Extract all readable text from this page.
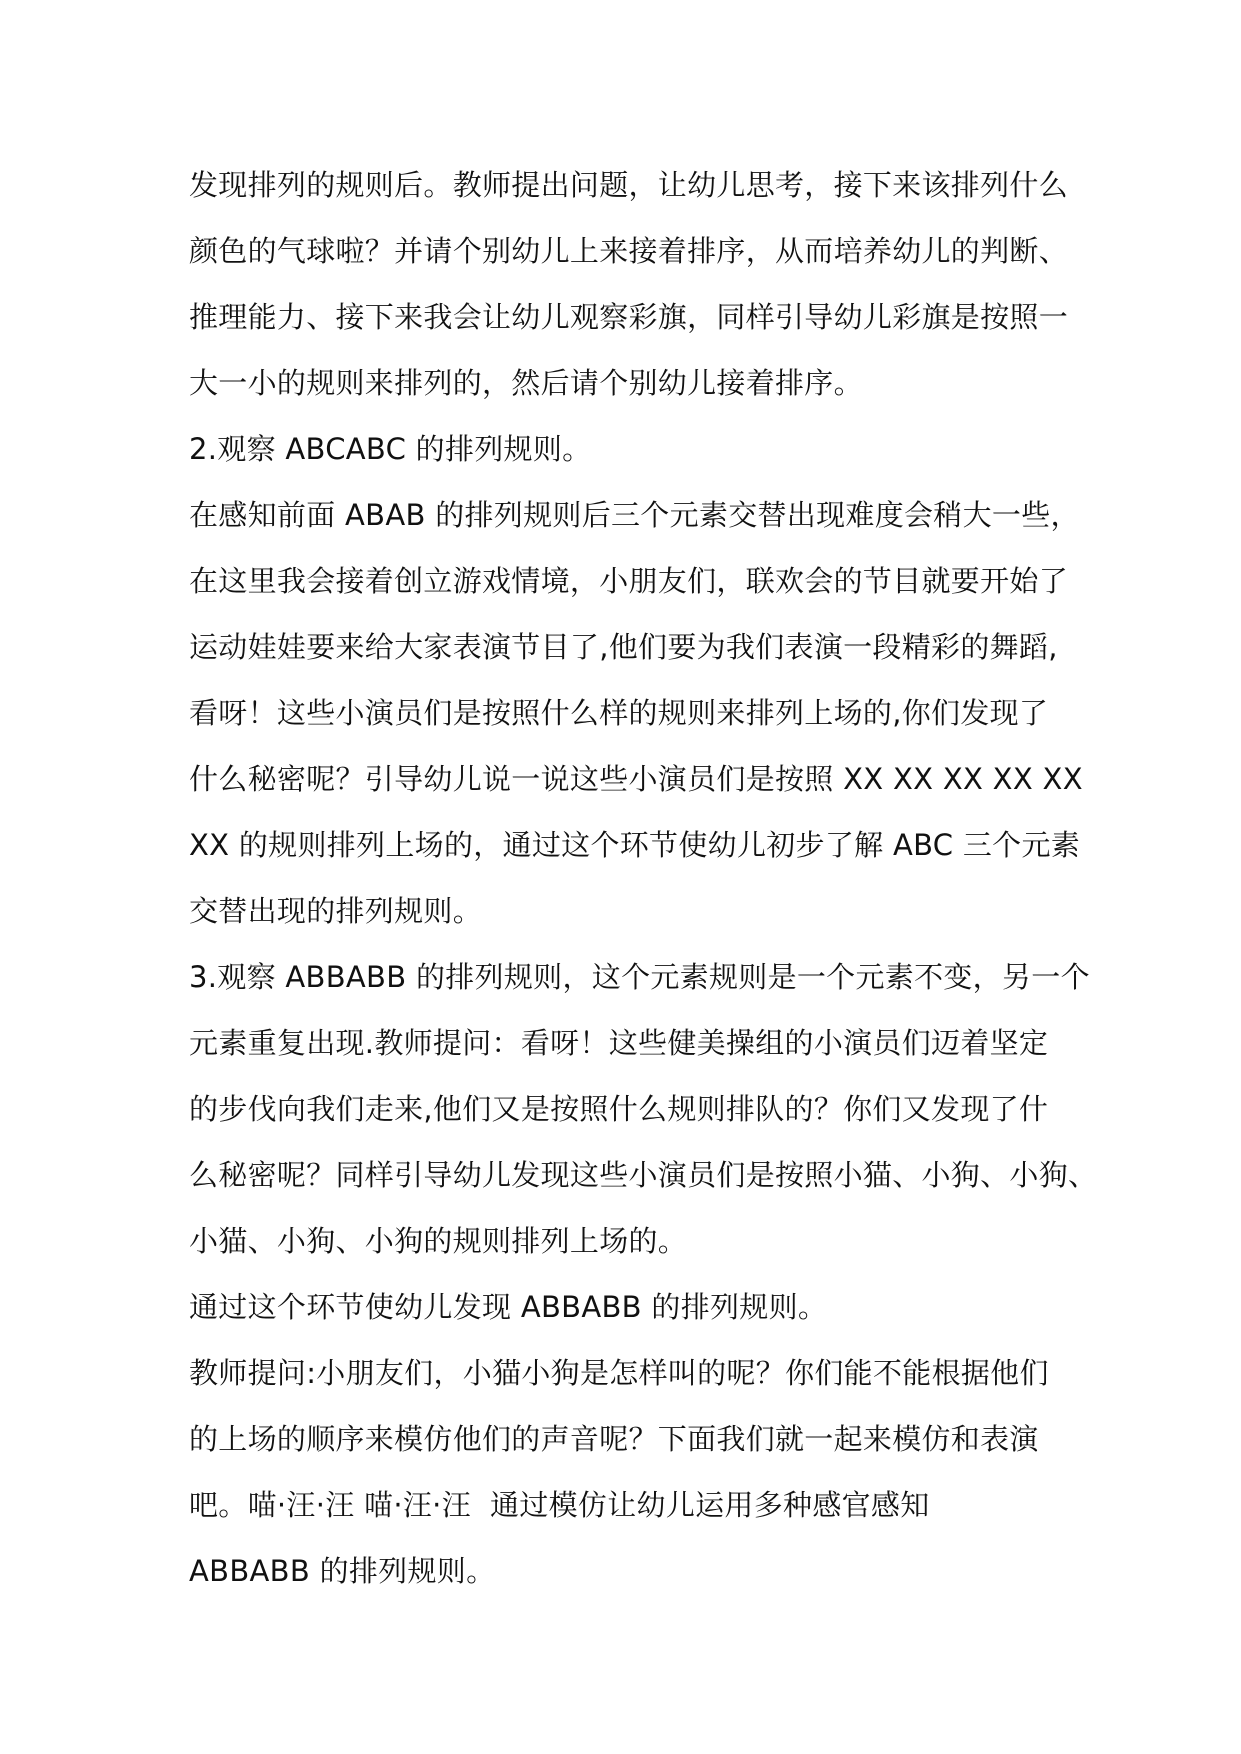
发现排列的规则后。教师提出问题，让幼儿思考，接下来该排列什么
颜色的气球啦？并请个别幼儿上来接着排序，从而培养幼儿的判断、
推理能力、接下来我会让幼儿观察彩旗，同样引导幼儿彩旗是按照一
大一小的规则来排列的，然后请个别幼儿接着排序。
2.观察 ABCABC 的排列规则。
在感知前面 ABAB 的排列规则后三个元素交替出现难度会稍大一些，
在这里我会接着创立游戏情境，小朋友们，联欢会的节目就要开始了
运动娃娃要来给大家表演节目了,他们要为我们表演一段精彩的舞蹈,
看呀！这些小演员们是按照什么样的规则来排列上场的,你们发现了
什么秘密呢？引导幼儿说一说这些小演员们是按照 XX XX XX XX XX
XX 的规则排列上场的，通过这个环节使幼儿初步了解 ABC 三个元素
交替出现的排列规则。
3.观察 ABBABB 的排列规则，这个元素规则是一个元素不变，另一个
元素重复出现.教师提问：看呀！这些健美操组的小演员们迈着坚定
的步伐向我们走来,他们又是按照什么规则排队的？你们又发现了什
么秘密呢？同样引导幼儿发现这些小演员们是按照小猫、小狗、小狗、
小猫、小狗、小狗的规则排列上场的。
通过这个环节使幼儿发现 ABBABB 的排列规则。
教师提问:小朋友们，小猫小狗是怎样叫的呢？你们能不能根据他们
的上场的顺序来模仿他们的声音呢？下面我们就一起来模仿和表演
吧。喵·汪·汪 喵·汪·汪  通过模仿让幼儿运用多种感官感知
ABBABB 的排列规则。
